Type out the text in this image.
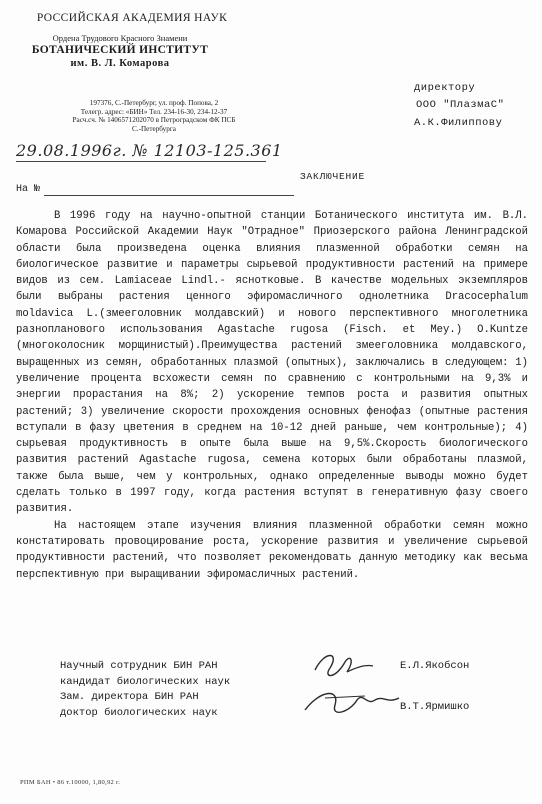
РОССИЙСКАЯ АКАДЕМИЯ НАУК
Ордена Трудового Красного Знамени
БОТАНИЧЕСКИЙ ИНСТИТУТ
им. В. Л. Комарова
197376, С.-Петербург, ул. проф. Попова, 2
Телегр. адрес: «БИН» Тел. 234-16-30, 234-12-37
Расч.сч. № 1406571202070 в Петроградском ФК ПСБ
С.-Петербурга
директору
ООО "ПлазмаС"
А.К.Филиппову
29.08.1996г. № 12103-125.361
ЗАКЛЮЧЕНИЕ
На №

В 1996 году на научно-опытной станции Ботанического института им. В.Л. Комарова Российской Академии Наук "Отрадное" Приозерского района Ленинградской области была произведена оценка влияния плазменной обработки семян на биологическое развитие и параметры сырьевой продуктивности растений на примере видов из сем. Lamiaceae Lindl.- яснотковые. В качестве модельных экземпляров были выбраны растения ценного эфиромасличного однолетника Dracocephalum moldavica L.(змееголовник молдавский) и нового перспективного многолетника разнопланового использования Agastache rugosa (Fisch. et Mey.) O.Kuntze (многоколосник морщинистый).Преимущества растений змееголовника молдавского, выращенных из семян, обработанных плазмой (опытных), заключались в следующем: 1) увеличение процента всхожести семян по сравнению с контрольными на 9,3% и энергии прорастания на 8%; 2) ускорение темпов роста и развития опытных растений; 3) увеличение скорости прохождения основных фенофаз (опытные растения вступали в фазу цветения в среднем на 10-12 дней раньше, чем контрольные); 4) сырьевая продуктивность в опыте была выше на 9,5%.Скорость биологического развития растений Agastache rugosa, семена которых были обработаны плазмой, также была выше, чем у контрольных, однако определенные выводы можно будет сделать только в 1997 году, когда растения вступят в генеративную фазу своего развития.

На настоящем этапе изучения влияния плазменной обработки семян можно констатировать провоцирование роста, ускорение развития и увеличение сырьевой продуктивности растений, что позволяет рекомендовать данную методику как весьма перспективную при выращивании эфиромасличных растений.

Научный сотрудник БИН РАН
кандидат биологических наук
Зам. директора БИН РАН
доктор биологических наук
Е.Л.Якобсон
В.Т.Ярмишко
РПМ БАН • 86 т.10000, 1,80,92 г.
